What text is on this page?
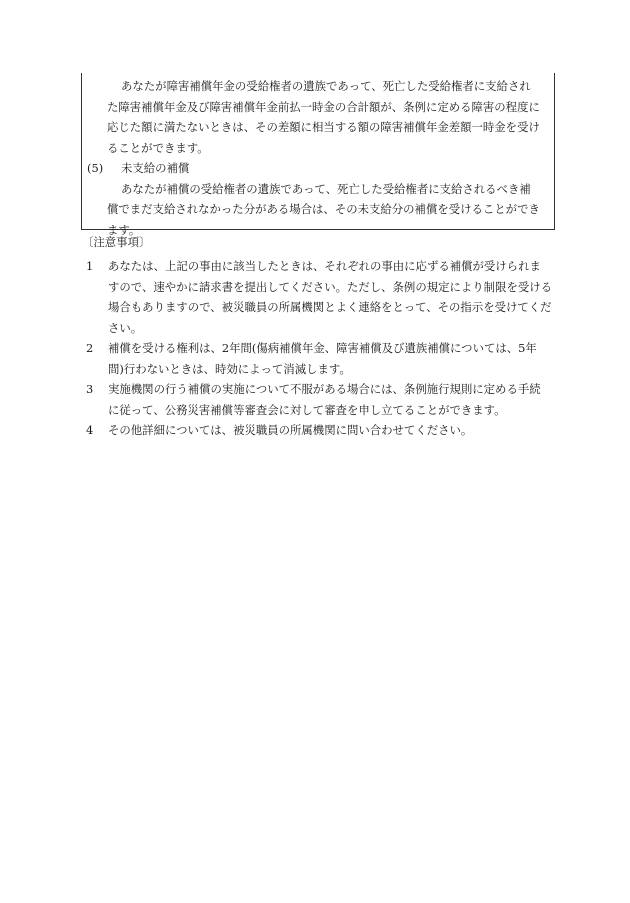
あなたが障害補償年金の受給権者の遺族であって、死亡した受給権者に支給され
た障害補償年金及び障害補償年金前払一時金の合計額が、条例に定める障害の程度に
応じた額に満たないときは、その差額に相当する額の障害補償年金差額一時金を受け
ることができます。

(5) 未支給の補償

あなたが補償の受給権者の遺族であって、死亡した受給権者に支給されるべき補
償でまだ支給されなかった分がある場合は、その未支給分の補償を受けることができ
ます。

〔注意事項〕
1	あなたは、上記の事由に該当したときは、それぞれの事由に応ずる補償が受けられま
すので、速やかに請求書を提出してください。ただし、条例の規定により制限を受ける
場合もありますので、被災職員の所属機関とよく連絡をとって、その指示を受けてくだ
さい。
2	補償を受ける権利は、2年間(傷病補償年金、障害補償及び遺族補償については、5年
間)行わないときは、時効によって消滅します。
3	実施機関の行う補償の実施について不服がある場合には、条例施行規則に定める手続
に従って、公務災害補償等審査会に対して審査を申し立てることができます。
4	その他詳細については、被災職員の所属機関に問い合わせてください。
